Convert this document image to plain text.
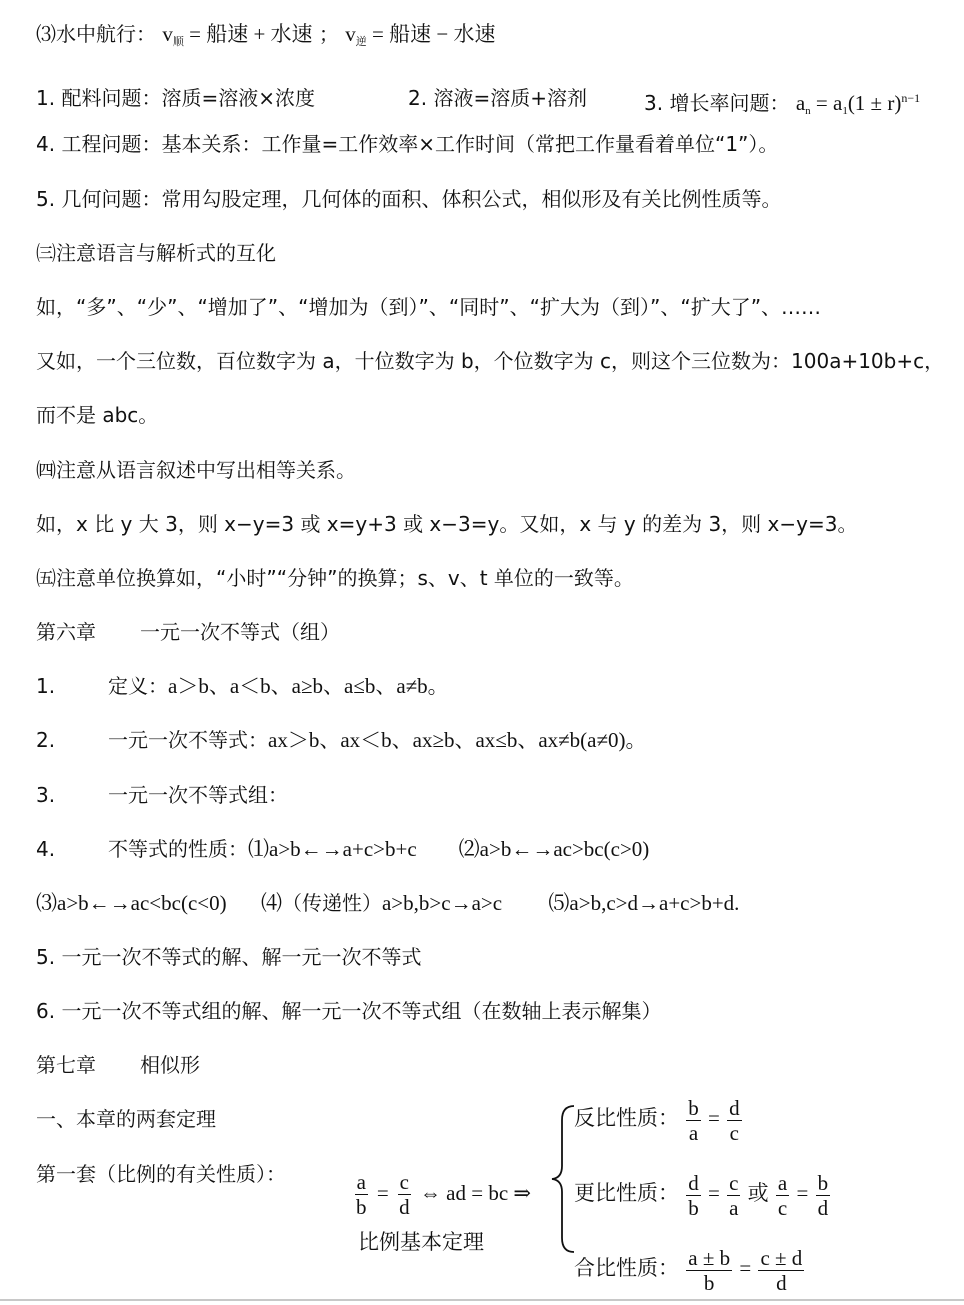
⑶水中航行： $v_顺$ = 船速 + 水速 ； $v_逆$ = 船速 − 水速
1. 配料问题：溶质=溶液×浓度	2. 溶液=溶质+溶剂	3. 增长率问题： $a_n = a_1(1 \pm r)^{n-1}$
4. 工程问题：基本关系：工作量=工作效率×工作时间（常把工作量看着单位“1”）。
5. 几何问题：常用勾股定理，几何体的面积、体积公式，相似形及有关比例性质等。
㈢注意语言与解析式的互化
如，“多”、“少”、“增加了”、“增加为（到）”、“同时”、“扩大为（到）”、“扩大了”、……
又如，一个三位数，百位数字为 a，十位数字为 b，个位数字为 c，则这个三位数为：100a+10b+c，
而不是 abc。
㈣注意从语言叙述中写出相等关系。
如，x 比 y 大 3，则 x−y=3 或 x=y+3 或 x−3=y。又如，x 与 y 的差为 3，则 x−y=3。
㈤注意单位换算如，“小时”“分钟”的换算；s、v、t 单位的一致等。
第六章 一元一次不等式（组）
1.	定义：a＞b、a＜b、a≥b、a≤b、a≠b。
2.	一元一次不等式：ax＞b、ax＜b、ax≥b、ax≤b、ax≠b(a≠0)。
3.	一元一次不等式组：
4.	不等式的性质：⑴a>b←→a+c>b+c ⑵a>b←→ac>bc(c>0)
⑶a>b←→ac<bc(c<0) ⑷（传递性）a>b,b>c→a>c ⑸a>b,c>d→a+c>b+d.
5. 一元一次不等式的解、解一元一次不等式
6. 一元一次不等式组的解、解一元一次不等式组（在数轴上表示解集）
第七章 相似形
一、本章的两套定理
第一套（比例的有关性质）：	$\frac{a}{b} = \frac{c}{d}$ ⇔ ad = bc ⇒
比例基本定理
反比性质： $\frac{b}{a} = \frac{d}{c}$
更比性质： $\frac{d}{b} = \frac{c}{a}$ 或 $\frac{a}{c} = \frac{b}{d}$
合比性质： $\frac{a \pm b}{b} = \frac{c \pm d}{d}$
